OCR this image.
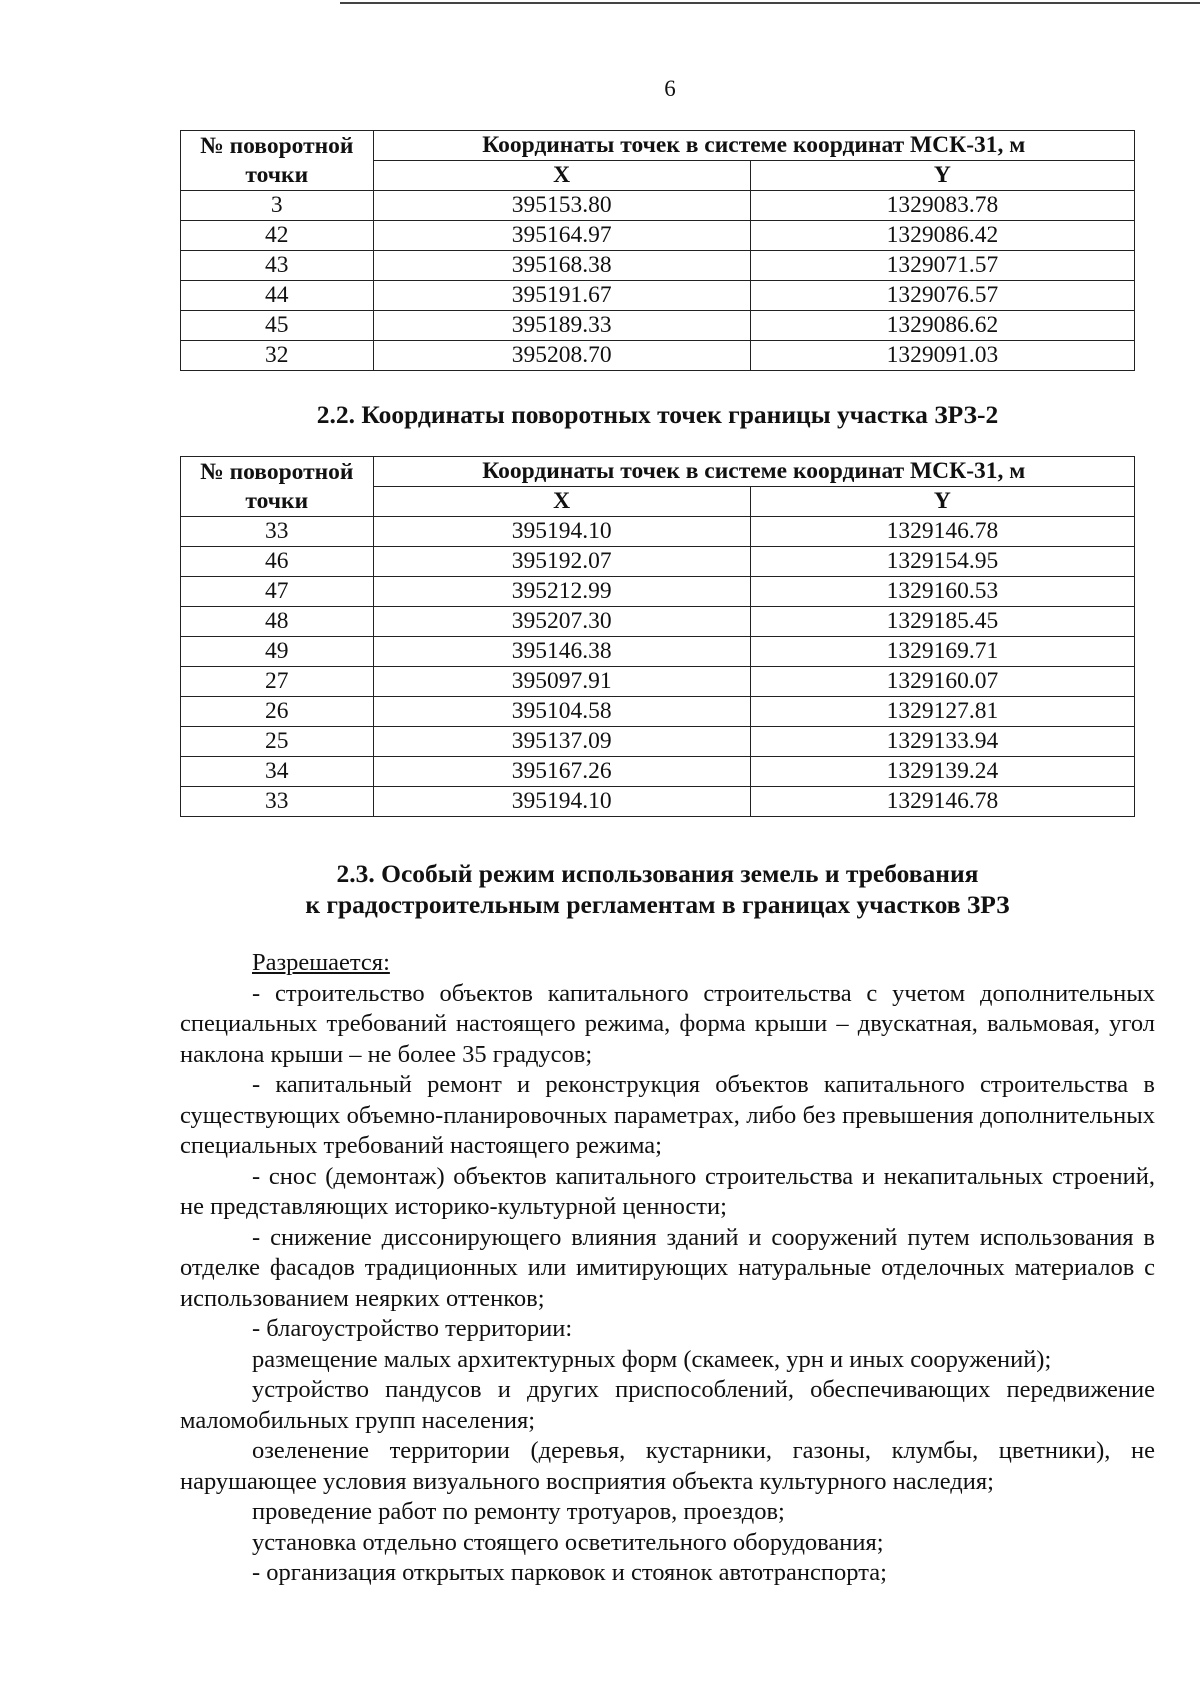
6
№ поворотной точки	Координаты точек в системе координат МСК-31, м	
	X	Y
3	395153.80	1329083.78
42	395164.97	1329086.42
43	395168.38	1329071.57
44	395191.67	1329076.57
45	395189.33	1329086.62
32	395208.70	1329091.03
2.2. Координаты поворотных точек границы участка ЗРЗ-2
№ поворотной точки	Координаты точек в системе координат МСК-31, м	
	X	Y
33	395194.10	1329146.78
46	395192.07	1329154.95
47	395212.99	1329160.53
48	395207.30	1329185.45
49	395146.38	1329169.71
27	395097.91	1329160.07
26	395104.58	1329127.81
25	395137.09	1329133.94
34	395167.26	1329139.24
33	395194.10	1329146.78
2.3. Особый режим использования земель и требования
к градостроительным регламентам в границах участков ЗРЗ

Разрешается:

- строительство объектов капитального строительства с учетом дополнительных специальных требований настоящего режима, форма крыши – двускатная, вальмовая, угол наклона крыши – не более 35 градусов;

- капитальный ремонт и реконструкция объектов капитального строительства в существующих объемно-планировочных параметрах, либо без превышения дополнительных специальных требований настоящего режима;

- снос (демонтаж) объектов капитального строительства и некапитальных строений, не представляющих историко-культурной ценности;

- снижение диссонирующего влияния зданий и сооружений путем использования в отделке фасадов традиционных или имитирующих натуральные отделочных материалов с использованием неярких оттенков;

- благоустройство территории:

размещение малых архитектурных форм (скамеек, урн и иных сооружений);

устройство пандусов и других приспособлений, обеспечивающих передвижение маломобильных групп населения;

озеленение территории (деревья, кустарники, газоны, клумбы, цветники), не нарушающее условия визуального восприятия объекта культурного наследия;

проведение работ по ремонту тротуаров, проездов;

установка отдельно стоящего осветительного оборудования;

- организация открытых парковок и стоянок автотранспорта;
